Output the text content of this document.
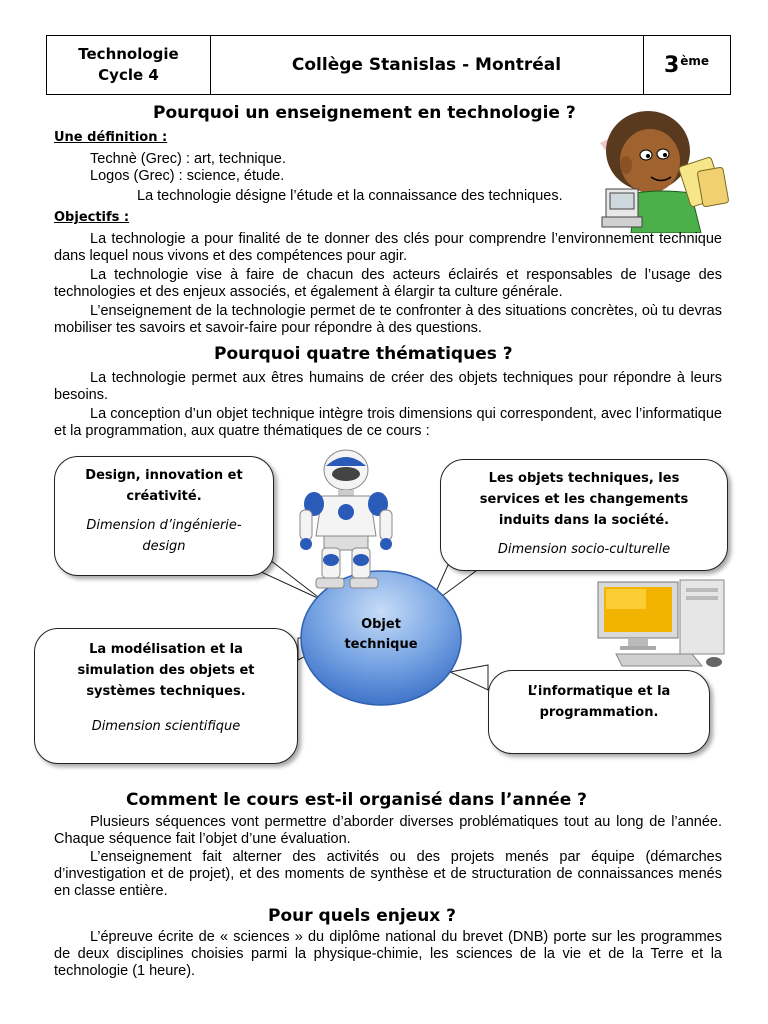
Technologie
Cycle 4	Collège Stanislas - Montréal	3ème
Pourquoi un enseignement en technologie ?
Une définition :
Technè (Grec) : art, technique.
Logos (Grec) : science, étude.
La technologie désigne l’étude et la connaissance des techniques.
Objectifs :
La technologie a pour finalité de te donner des clés pour comprendre l’environnement technique dans lequel nous vivons et des compétences pour agir.
La technologie vise à faire de chacun des acteurs éclairés et responsables de l’usage des technologies et des enjeux associés, et également à élargir ta culture générale.
L’enseignement de la technologie permet de te confronter à des situations concrètes, où tu devras mobiliser tes savoirs et savoir-faire pour répondre à des questions.
Pourquoi quatre thématiques ?
La technologie permet aux êtres humains de créer des objets techniques pour répondre à leurs besoins.
La conception d’un objet technique intègre trois dimensions qui correspondent, avec l’informatique et la programmation, aux quatre thématiques de ce cours :
Objet
technique
Design, innovation et
créativité.
Dimension d’ingénierie-
design
Les objets techniques, les
services et les changements
induits dans la société.
Dimension socio-culturelle
La modélisation et la
simulation des objets et
systèmes techniques.
Dimension scientifique
L’informatique et la
programmation.
Comment le cours est-il organisé dans l’année ?
Plusieurs séquences vont permettre d’aborder diverses problématiques tout au long de l’année. Chaque séquence fait l’objet d’une évaluation.
L’enseignement fait alterner des activités ou des projets menés par équipe (démarches d’investigation et de projet), et des moments de synthèse et de structuration de connaissances menés en classe entière.
Pour quels enjeux ?
L’épreuve écrite de « sciences » du diplôme national du brevet (DNB) porte sur les programmes de deux disciplines choisies parmi la physique-chimie, les sciences de la vie et de la Terre et la technologie (1 heure).
